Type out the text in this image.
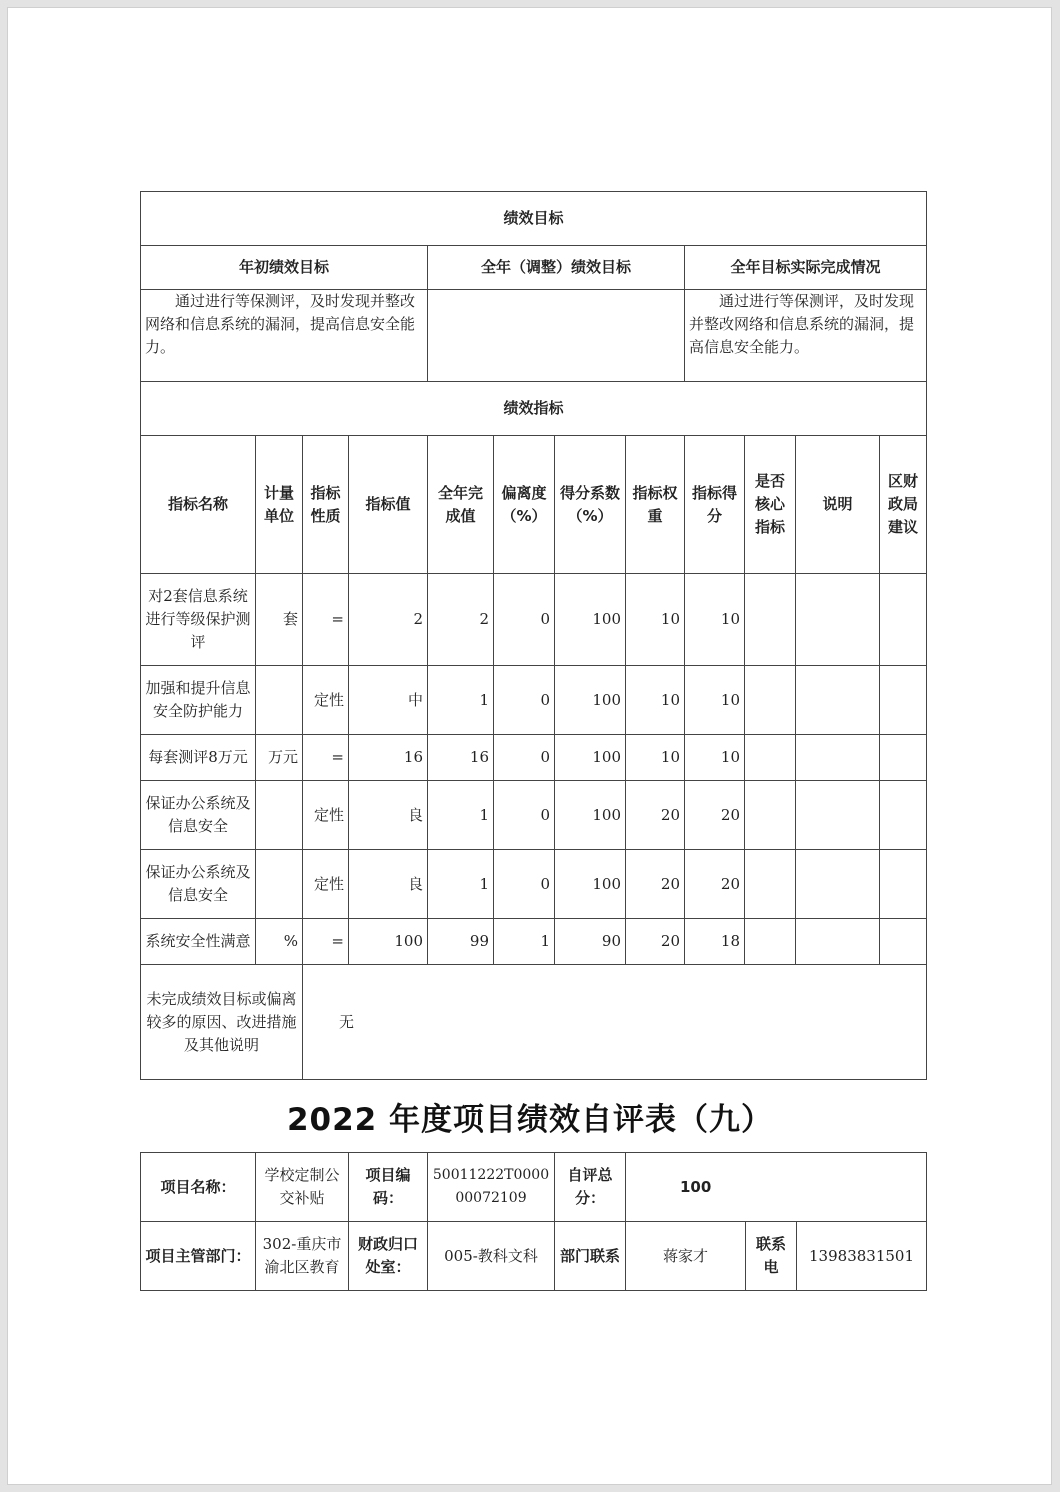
绩效目标											
年初绩效目标				全年（调整）绩效目标				全年目标实际完成情况			
通过进行等保测评，及时发现并整改网络和信息系统的漏洞，提高信息安全能力。								通过进行等保测评，及时发现并整改网络和信息系统的漏洞，提高信息安全能力。			
绩效指标											
指标名称	计量单位	指标性质	指标值	全年完成值	偏离度（%）	得分系数（%）	指标权重	指标得分	是否核心指标	说明	区财政局建议
对2套信息系统进行等级保护测评	套	=	2	2	0	100	10	10			
加强和提升信息安全防护能力		定性	中	1	0	100	10	10			
每套测评8万元	万元	=	16	16	0	100	10	10			
保证办公系统及信息安全		定性	良	1	0	100	20	20			
保证办公系统及信息安全		定性	良	1	0	100	20	20			
系统安全性满意	%	=	100	99	1	90	20	18			
未完成绩效目标或偏离较多的原因、改进措施及其他说明		无									
2022 年度项目绩效自评表（九）
项目名称：	学校定制公交补贴	项目编码：	50011222T000000072109	自评总分：	100		
项目主管部门：	302-重庆市渝北区教育	财政归口处室：	005-教科文科	部门联系	蒋家才	联系电	13983831501
